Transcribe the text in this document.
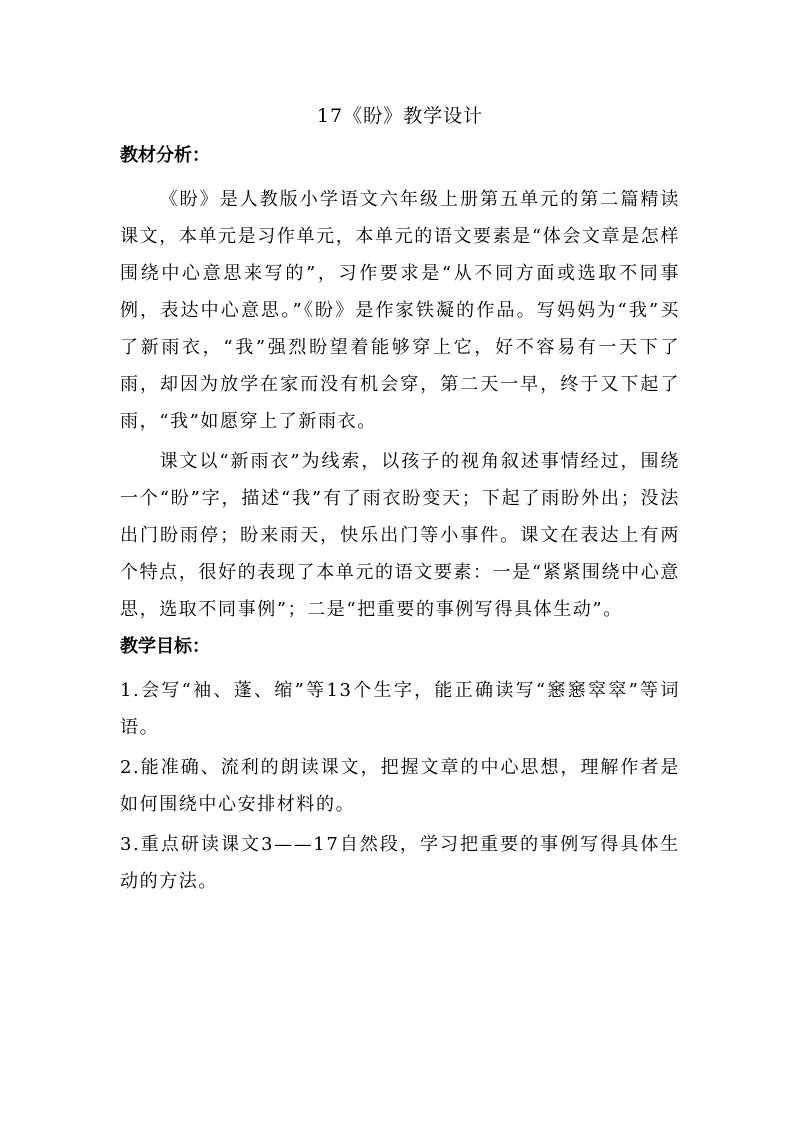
17《盼》教学设计
教材分析：

《盼》是人教版小学语文六年级上册第五单元的第二篇精读课文，本单元是习作单元，本单元的语文要素是“体会文章是怎样围绕中心意思来写的”，习作要求是“从不同方面或选取不同事例，表达中心意思。”《盼》是作家铁凝的作品。写妈妈为“我”买了新雨衣，“我”强烈盼望着能够穿上它，好不容易有一天下了雨，却因为放学在家而没有机会穿，第二天一早，终于又下起了雨，“我”如愿穿上了新雨衣。

课文以“新雨衣”为线索，以孩子的视角叙述事情经过，围绕一个“盼”字，描述“我”有了雨衣盼变天；下起了雨盼外出；没法出门盼雨停；盼来雨天，快乐出门等小事件。课文在表达上有两个特点，很好的表现了本单元的语文要素：一是“紧紧围绕中心意思，选取不同事例”；二是“把重要的事例写得具体生动”。

教学目标：

1.会写“袖、蓬、缩”等13个生字，能正确读写“窸窸窣窣”等词语。

2.能准确、流利的朗读课文，把握文章的中心思想，理解作者是如何围绕中心安排材料的。

3.重点研读课文3——17自然段，学习把重要的事例写得具体生动的方法。
